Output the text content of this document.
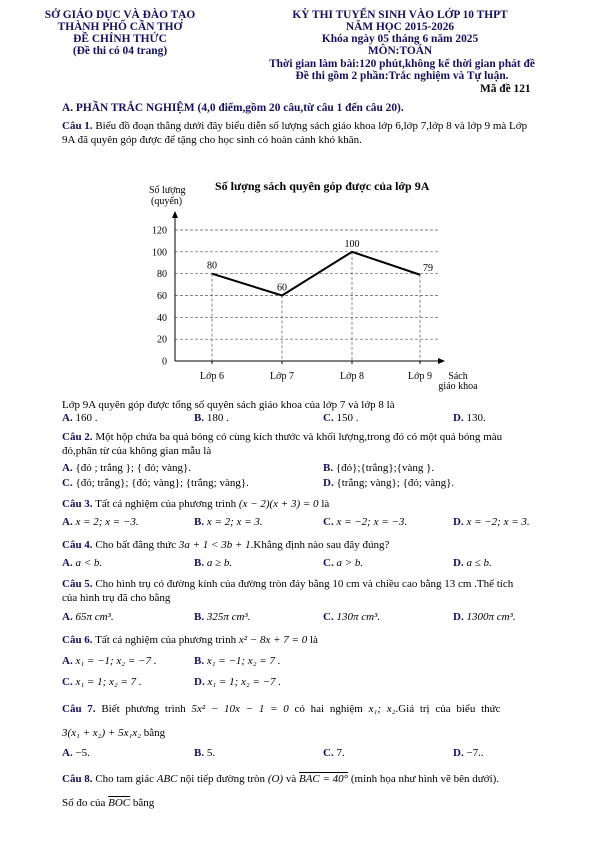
SỞ GIÁO DỤC VÀ ĐÀO TẠO
THÀNH PHỐ CẦN THƠ
ĐỀ CHÍNH THỨC
(Đề thi có 04 trang)
KỲ THI TUYỂN SINH VÀO LỚP 10 THPT
NĂM HỌC 2015-2026
Khóa ngày 05 tháng 6 năm 2025
MÔN:TOÁN
Thời gian làm bài:120 phút,không kể thời gian phát đề
Đề thi gồm 2 phần:Trắc nghiệm và Tự luận.
Mã đề 121
A. PHẦN TRẮC NGHIỆM (4,0 điểm,gồm 20 câu,từ câu 1 đến câu 20).
Câu 1. Biểu đồ đoạn thẳng dưới đây biểu diễn số lượng sách giáo khoa lớp 6,lớp 7,lớp 8 và lớp 9 mà Lớp
9A đã quyên góp được để tặng cho học sinh có hoàn cảnh khó khăn.
Số lượng sách quyên góp được của lớp 9A
Số lượng
(quyển)
0
20
40
60
80
100
120
Lớp 6	Lớp 7	Lớp 8	Lớp 9 Sách
giáo khoa
80
60
100
79
Lớp 9A quyên góp được tổng số quyên sách giáo khoa của lớp 7 và lớp 8 là
A. 160 .	B. 180 .	C. 150 .	D. 130.
Câu 2. Một hộp chứa ba quả bóng có cùng kích thước và khối lượng,trong đó có một quả bóng màu
đỏ,phân từ của không gian mẫu là
A. {đỏ ; trắng }; { đỏ; vàng}.	B. {đỏ};{trắng};{vàng }.
C. {đỏ; trắng}; {đỏ; vàng}; {trắng; vàng}.	D. {trắng; vàng}; {đỏ; vàng}.
Câu 3. Tất cả nghiệm của phương trình (x − 2)(x + 3) = 0 là
A. x = 2; x = −3.	B. x = 2; x = 3.	C. x = −2; x = −3.	D. x = −2; x = 3.
Câu 4. Cho bất đẳng thức 3a + 1 < 3b + 1.Khẳng định nào sau đây đúng?
A. a < b.	B. a ≥ b.	C. a > b.	D. a ≤ b.
Câu 5. Cho hình trụ có đường kính của đường tròn đáy bằng 10 cm và chiều cao bằng 13 cm .Thể tích
của hình trụ đã cho bằng
A. 65π cm³.	B. 325π cm³.	C. 130π cm³.	D. 1300π cm³.
Câu 6. Tất cả nghiệm của phương trình x² − 8x + 7 = 0 là
A. x₁ = −1; x₂ = −7 .	B. x₁ = −1; x₂ = 7 .
C. x₁ = 1; x₂ = 7 .	D. x₁ = 1; x₂ = −7 .
Câu 7. Biết phương trình 5x² − 10x − 1 = 0 có hai nghiệm x₁; x₂.Giá trị của biểu thức
3(x₁ + x₂) + 5x₁x₂ bằng
A. −5.	B. 5.	C. 7.	D. −7..
Câu 8. Cho tam giác ABC nội tiếp đường tròn (O) và BAC = 40° (minh họa như hình vẽ bên dưới).
Số đo của $\overline{BOC}$ bằng
